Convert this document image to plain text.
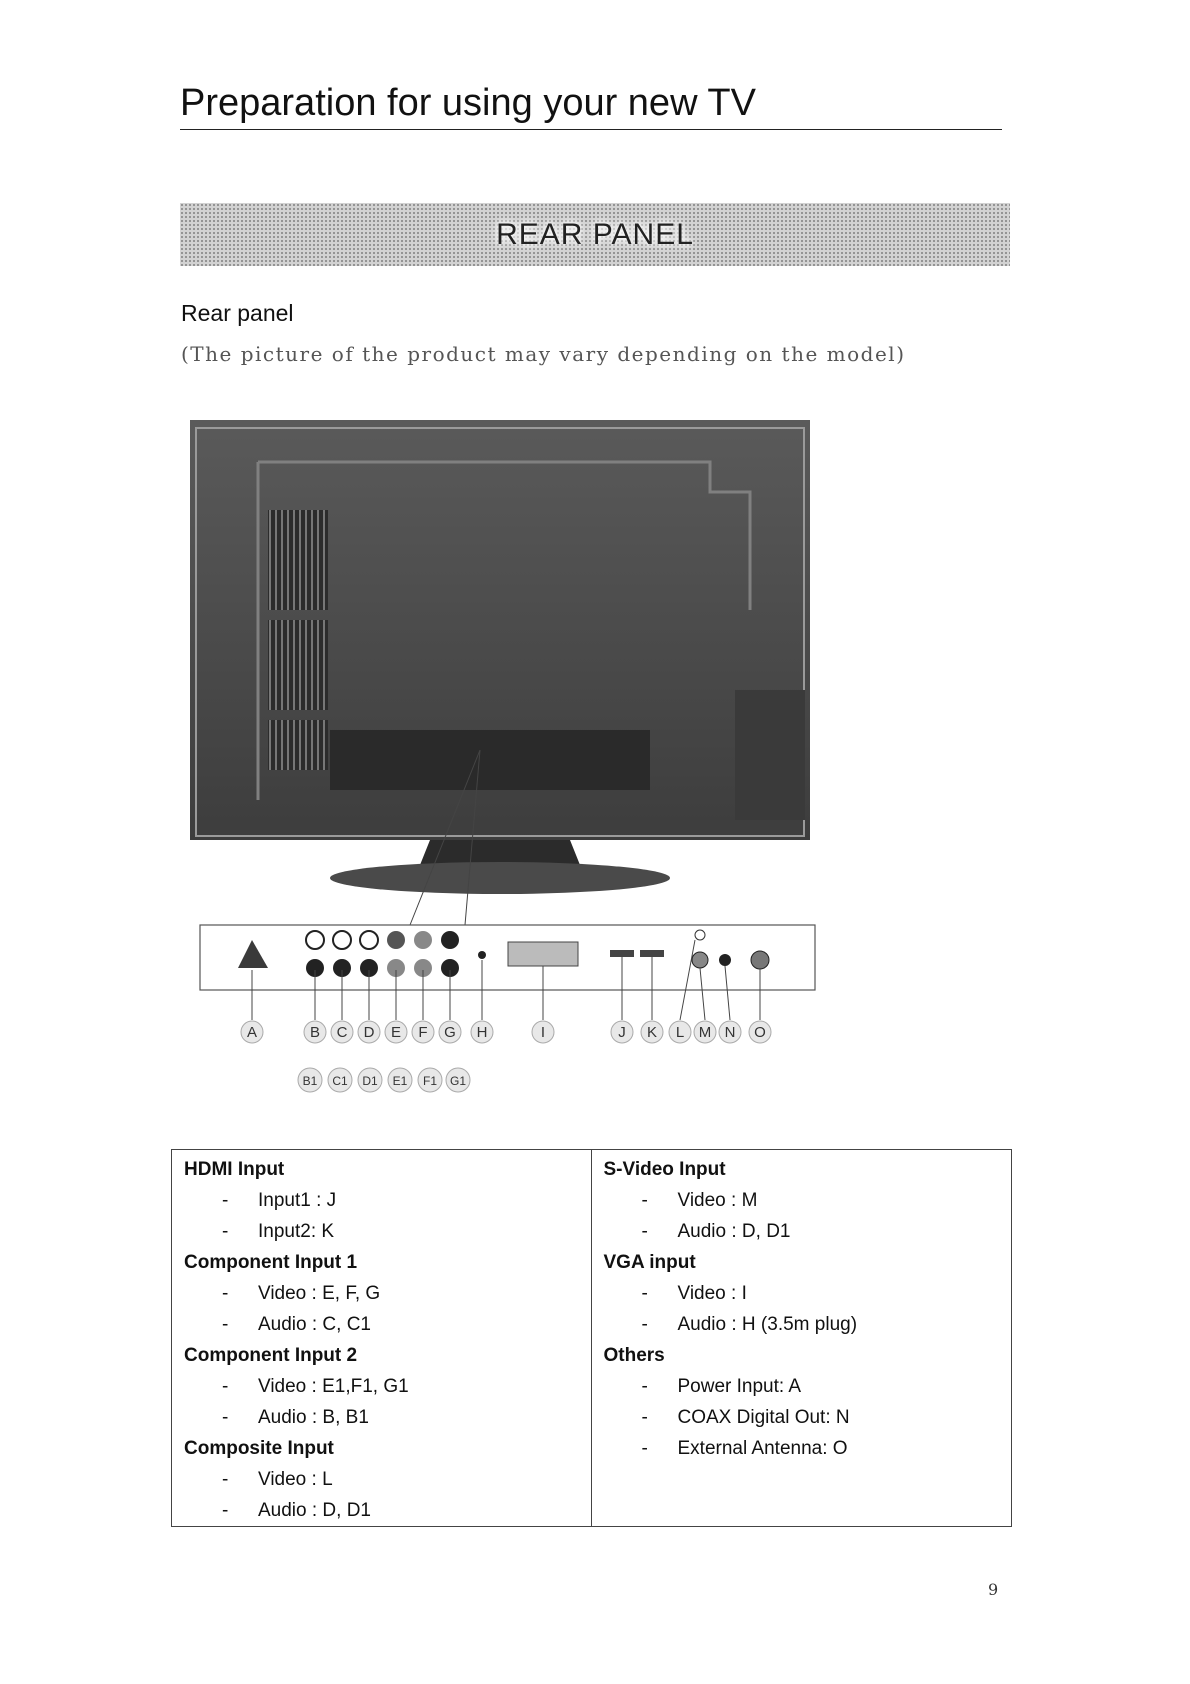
Preparation for using your new TV
REAR PANEL
Rear panel
(The picture of the product may vary depending on the model)
A	B C D E F G H	I	J K L M N O
B1 C1 D1 E1 F1 G1
HDMI Input
- Input1 : J
- Input2: K
Component Input 1
- Video : E, F, G
- Audio : C, C1
Component Input 2
- Video : E1,F1, G1
- Audio : B, B1
Composite Input
- Video : L
- Audio : D, D1
S-Video Input
- Video : M
- Audio : D, D1
VGA input
- Video : I
- Audio : H (3.5m plug)
Others
- Power Input: A
- COAX Digital Out: N
- External Antenna: O
9
